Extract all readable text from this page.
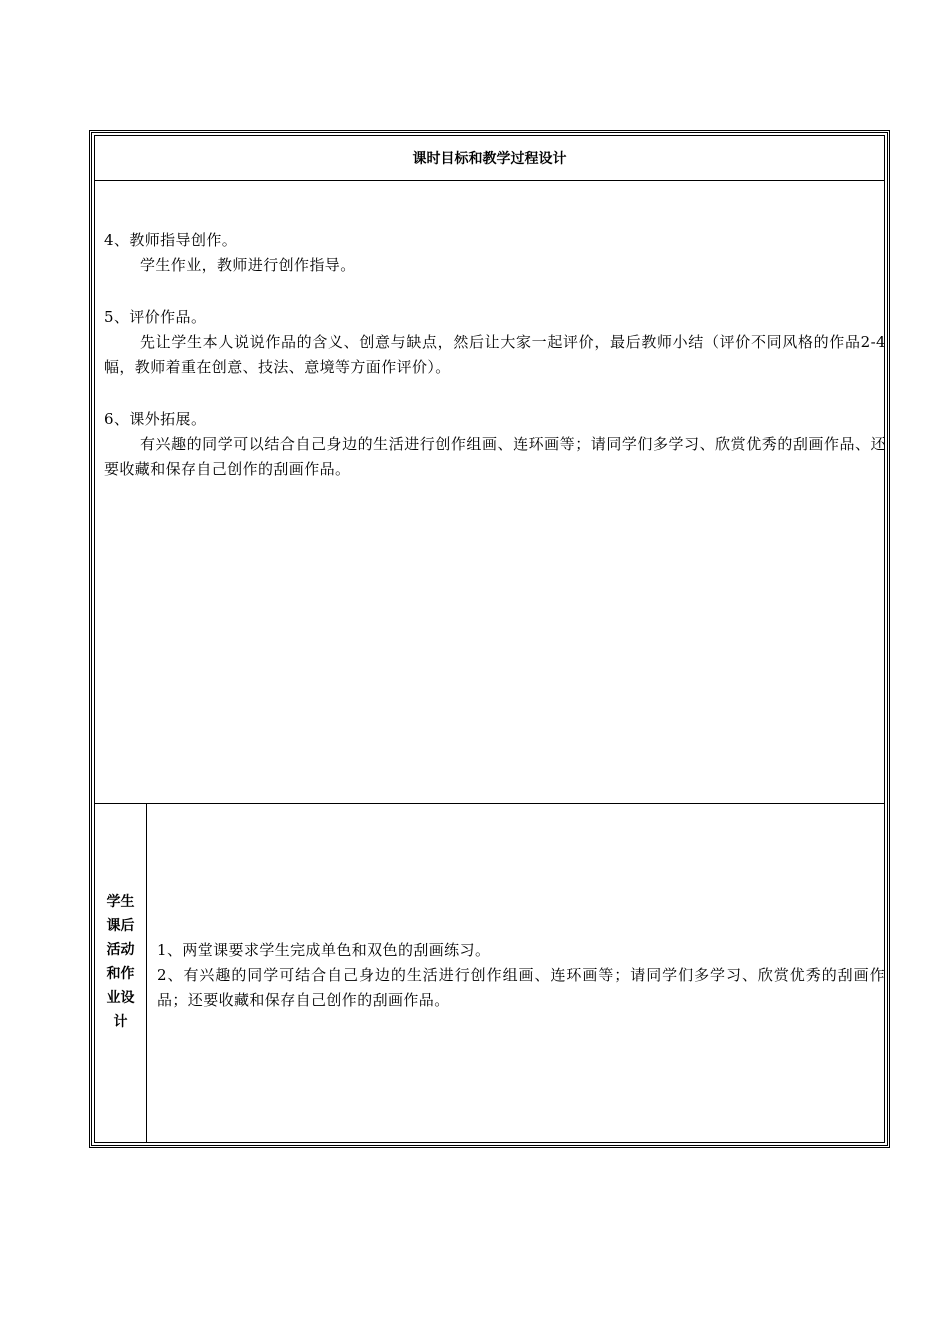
课时目标和教学过程设计

4、教师指导创作。

学生作业，教师进行创作指导。

5、评价作品。

先让学生本人说说作品的含义、创意与缺点，然后让大家一起评价，最后教师小结（评价不同风格的作品2-4幅，教师着重在创意、技法、意境等方面作评价）。

6、课外拓展。

有兴趣的同学可以结合自己身边的生活进行创作组画、连环画等；请同学们多学习、欣赏优秀的刮画作品、还要收藏和保存自己创作的刮画作品。

学生课后活动和作业设计

1、两堂课要求学生完成单色和双色的刮画练习。

2、有兴趣的同学可结合自己身边的生活进行创作组画、连环画等；请同学们多学习、欣赏优秀的刮画作品；还要收藏和保存自己创作的刮画作品。
